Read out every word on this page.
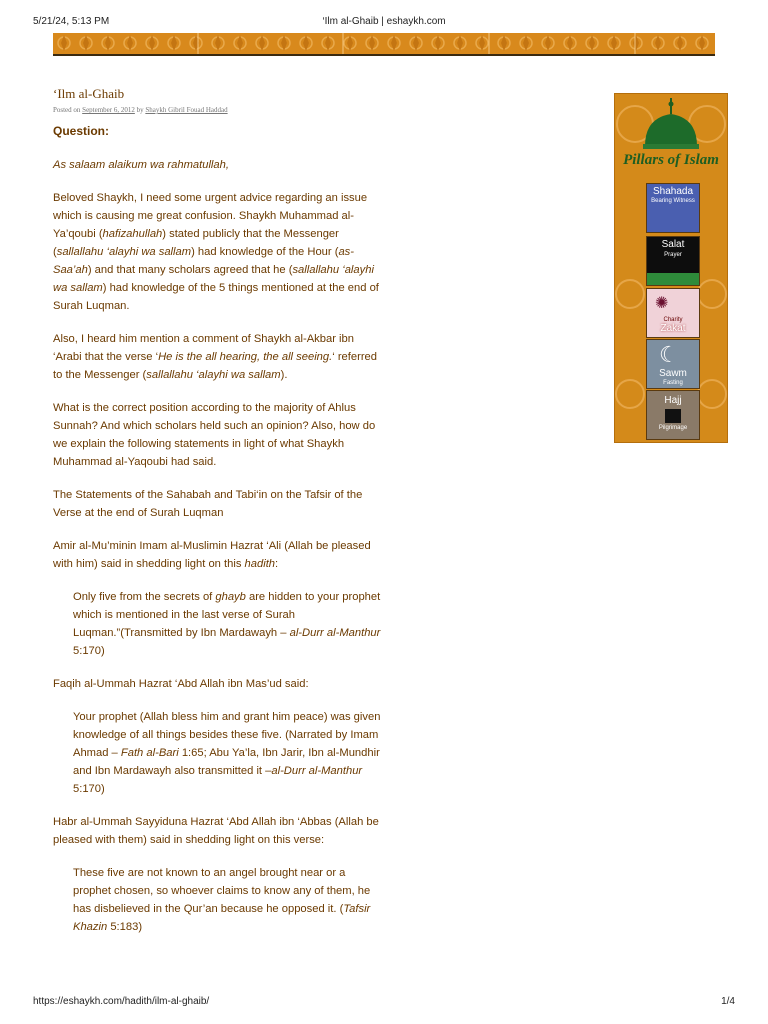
5/21/24, 5:13 PM	‘Ilm al-Ghaib | eshaykh.com
‘Ilm al-Ghaib
Posted on September 6, 2012 by Shaykh Gibril Fouad Haddad

Question:

As salaam alaikum wa rahmatullah,

Beloved Shaykh, I need some urgent advice regarding an issue which is causing me great confusion. Shaykh Muhammad al-Ya’qoubi (hafizahullah) stated publicly that the Messenger (sallallahu ‘alayhi wa sallam) had knowledge of the Hour (as-Saa’ah) and that many scholars agreed that he (sallallahu ‘alayhi wa sallam) had knowledge of the 5 things mentioned at the end of Surah Luqman.

Also, I heard him mention a comment of Shaykh al-Akbar ibn ‘Arabi that the verse ‘He is the all hearing, the all seeing.‘ referred to the Messenger (sallallahu ‘alayhi wa sallam).

What is the correct position according to the majority of Ahlus Sunnah? And which scholars held such an opinion? Also, how do we explain the following statements in light of what Shaykh Muhammad al-Yaqoubi had said.

The Statements of the Sahabah and Tabi‘in on the Tafsir of the Verse at the end of Surah Luqman

Amir al-Mu’minin Imam al-Muslimin Hazrat ‘Ali (Allah be pleased with him) said in shedding light on this hadith:

Only five from the secrets of ghayb are hidden to your prophet which is mentioned in the last verse of Surah Luqman.”(Transmitted by Ibn Mardawayh – al-Durr al-Manthur 5:170)

Faqih al-Ummah Hazrat ‘Abd Allah ibn Mas’ud said:

Your prophet (Allah bless him and grant him peace) was given knowledge of all things besides these five. (Narrated by Imam Ahmad – Fath al-Bari 1:65; Abu Ya’la, Ibn Jarir, Ibn al-Mundhir and Ibn Mardawayh also transmitted it –al-Durr al-Manthur 5:170)

Habr al-Ummah Sayyiduna Hazrat ‘Abd Allah ibn ‘Abbas (Allah be pleased with them) said in shedding light on this verse:

These five are not known to an angel brought near or a prophet chosen, so whoever claims to know any of them, he has disbelieved in the Qur’an because he opposed it. (Tafsir Khazin 5:183)

Pillars of Islam
Shahada
Bearing Witness
Salat
Prayer
Zakat
Charity
✺
☾
Sawm
Fasting
Hajj
Pilgrimage
https://eshaykh.com/hadith/ilm-al-ghaib/	1/4
